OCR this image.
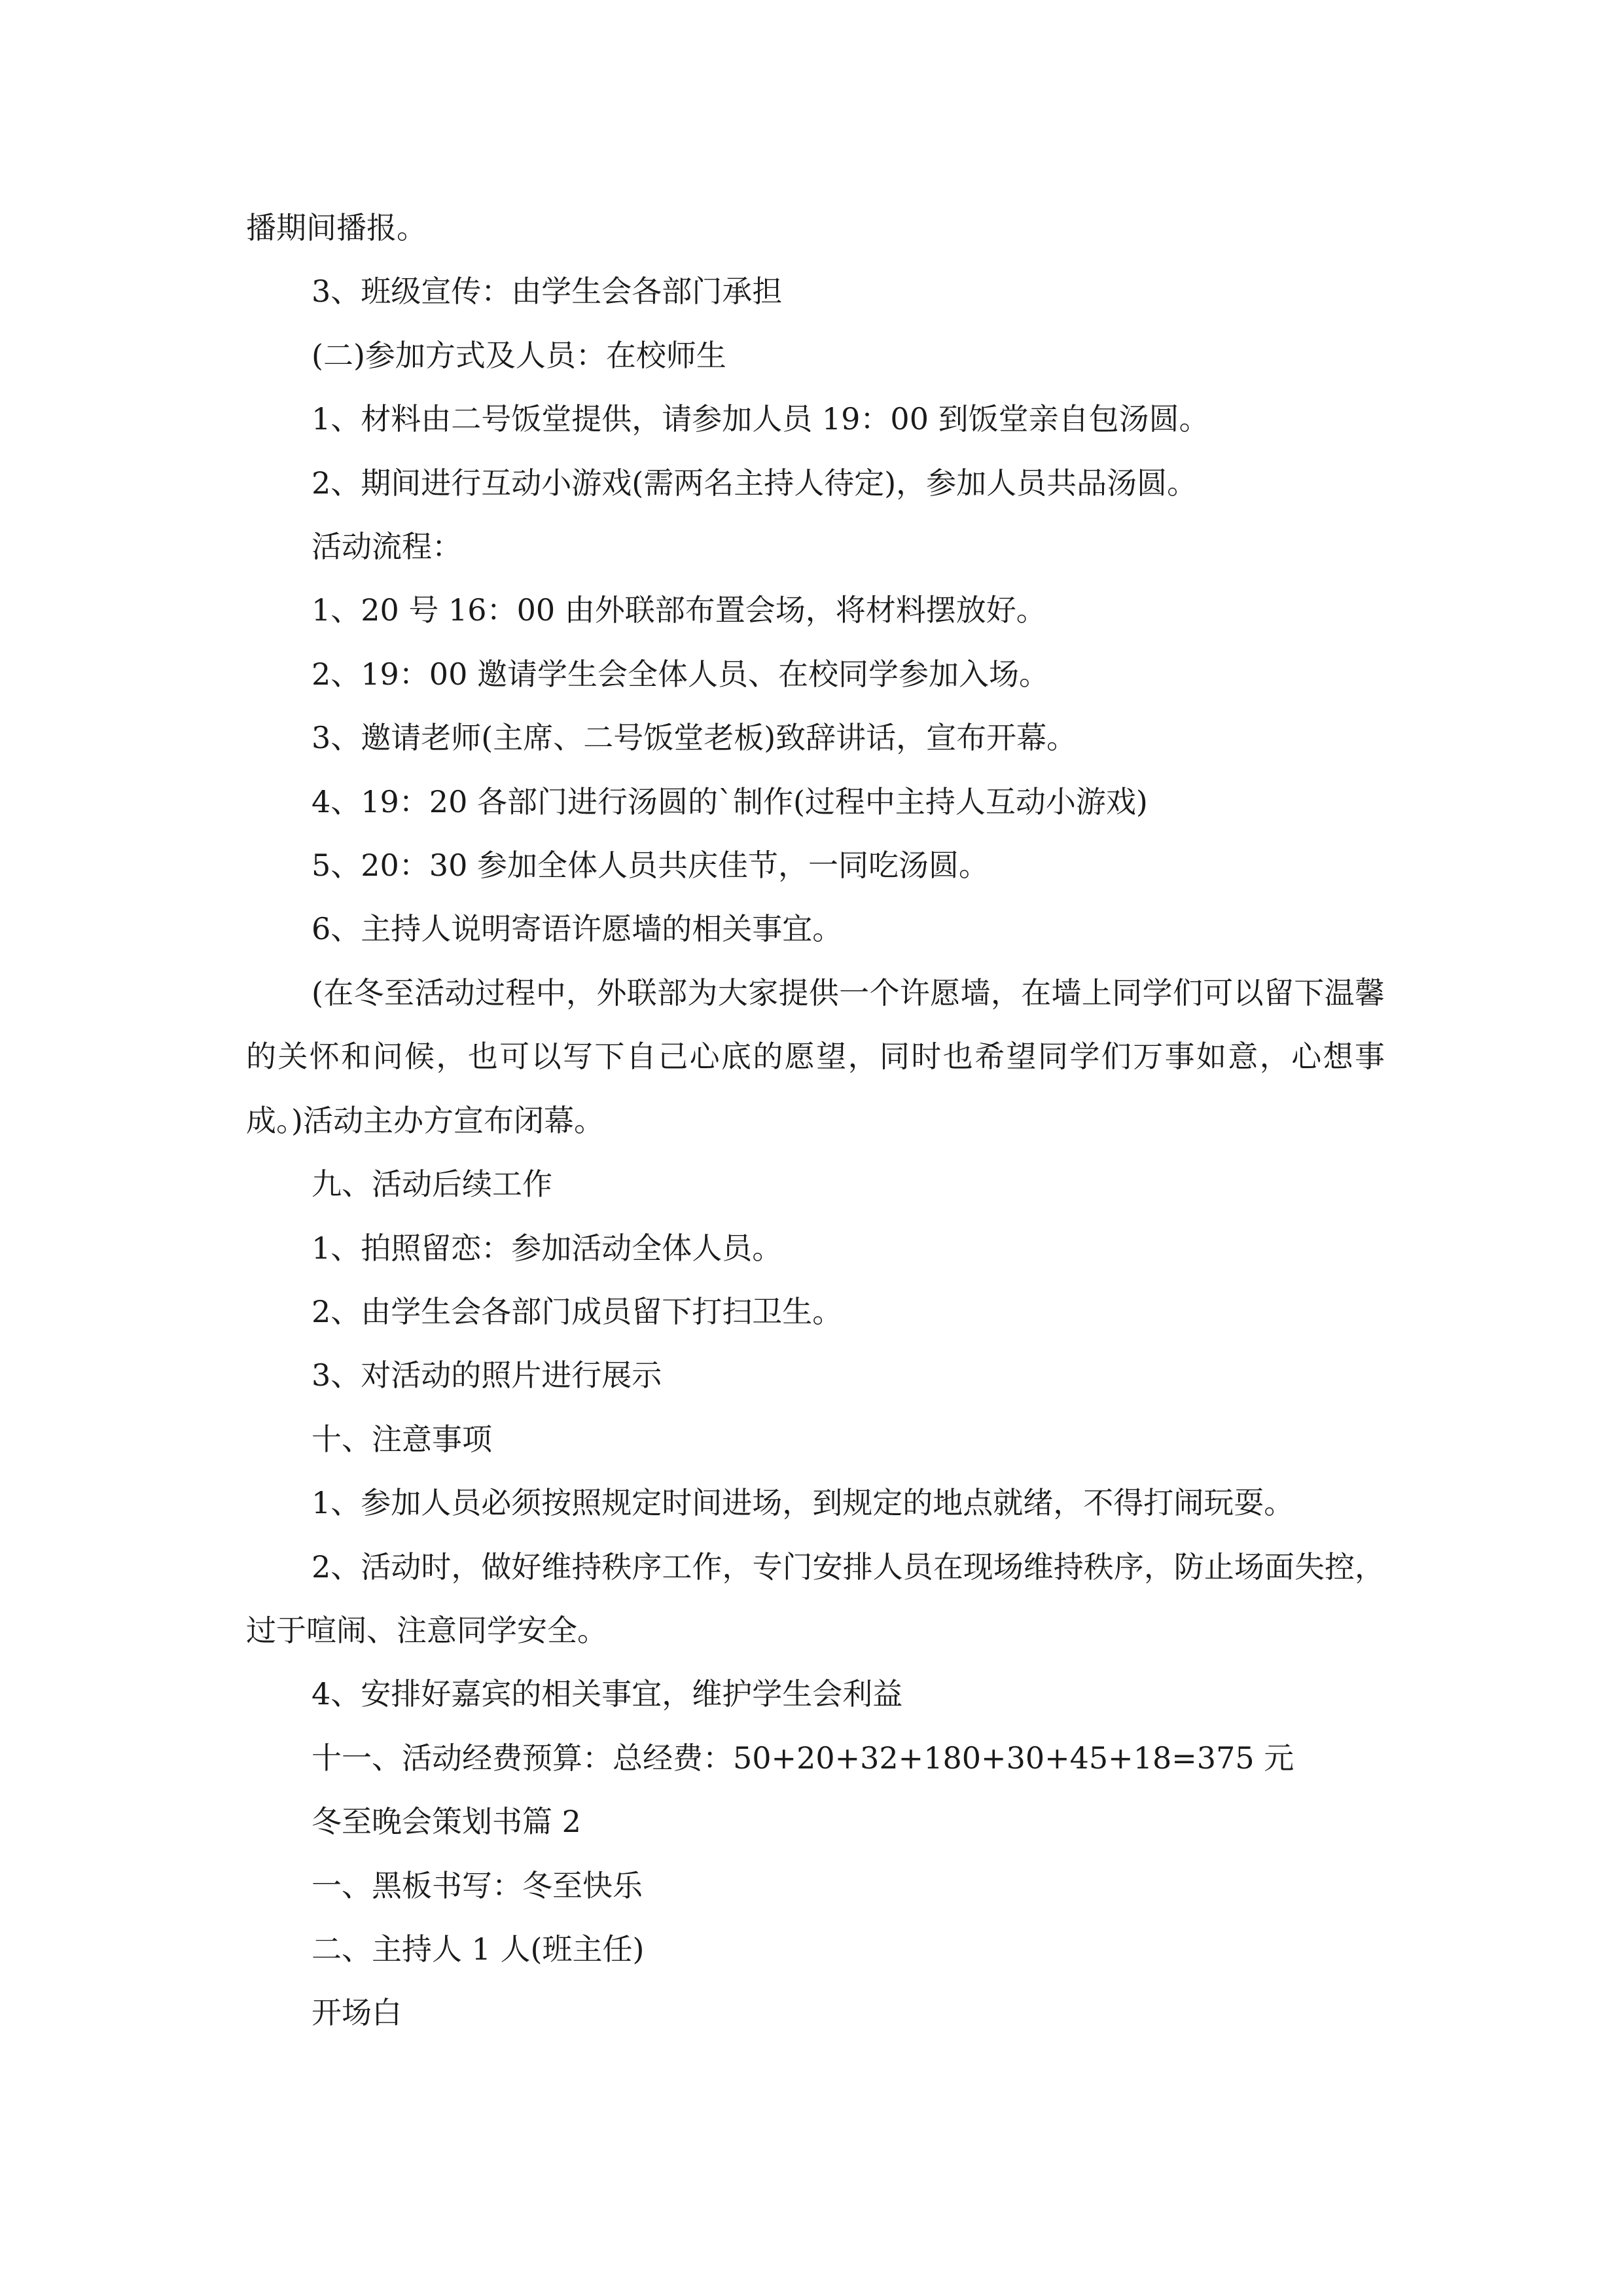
播期间播报。

3、班级宣传：由学生会各部门承担

(二)参加方式及人员：在校师生

1、材料由二号饭堂提供，请参加人员 19：00 到饭堂亲自包汤圆。

2、期间进行互动小游戏(需两名主持人待定)，参加人员共品汤圆。

活动流程：

1、20 号 16：00 由外联部布置会场，将材料摆放好。

2、19：00 邀请学生会全体人员、在校同学参加入场。

3、邀请老师(主席、二号饭堂老板)致辞讲话，宣布开幕。

4、19：20 各部门进行汤圆的`制作(过程中主持人互动小游戏)

5、20：30 参加全体人员共庆佳节，一同吃汤圆。

6、主持人说明寄语许愿墙的相关事宜。

(在冬至活动过程中，外联部为大家提供一个许愿墙，在墙上同学们可以留下温馨的关怀和问候，也可以写下自己心底的愿望，同时也希望同学们万事如意，心想事成。)活动主办方宣布闭幕。

九、活动后续工作

1、拍照留恋：参加活动全体人员。

2、由学生会各部门成员留下打扫卫生。

3、对活动的照片进行展示

十、注意事项

1、参加人员必须按照规定时间进场，到规定的地点就绪，不得打闹玩耍。

2、活动时，做好维持秩序工作，专门安排人员在现场维持秩序，防止场面失控，过于喧闹、注意同学安全。

4、安排好嘉宾的相关事宜，维护学生会利益

十一、活动经费预算：总经费：50+20+32+180+30+45+18=375 元

冬至晚会策划书篇 2

一、黑板书写：冬至快乐

二、主持人 1 人(班主任)

开场白
